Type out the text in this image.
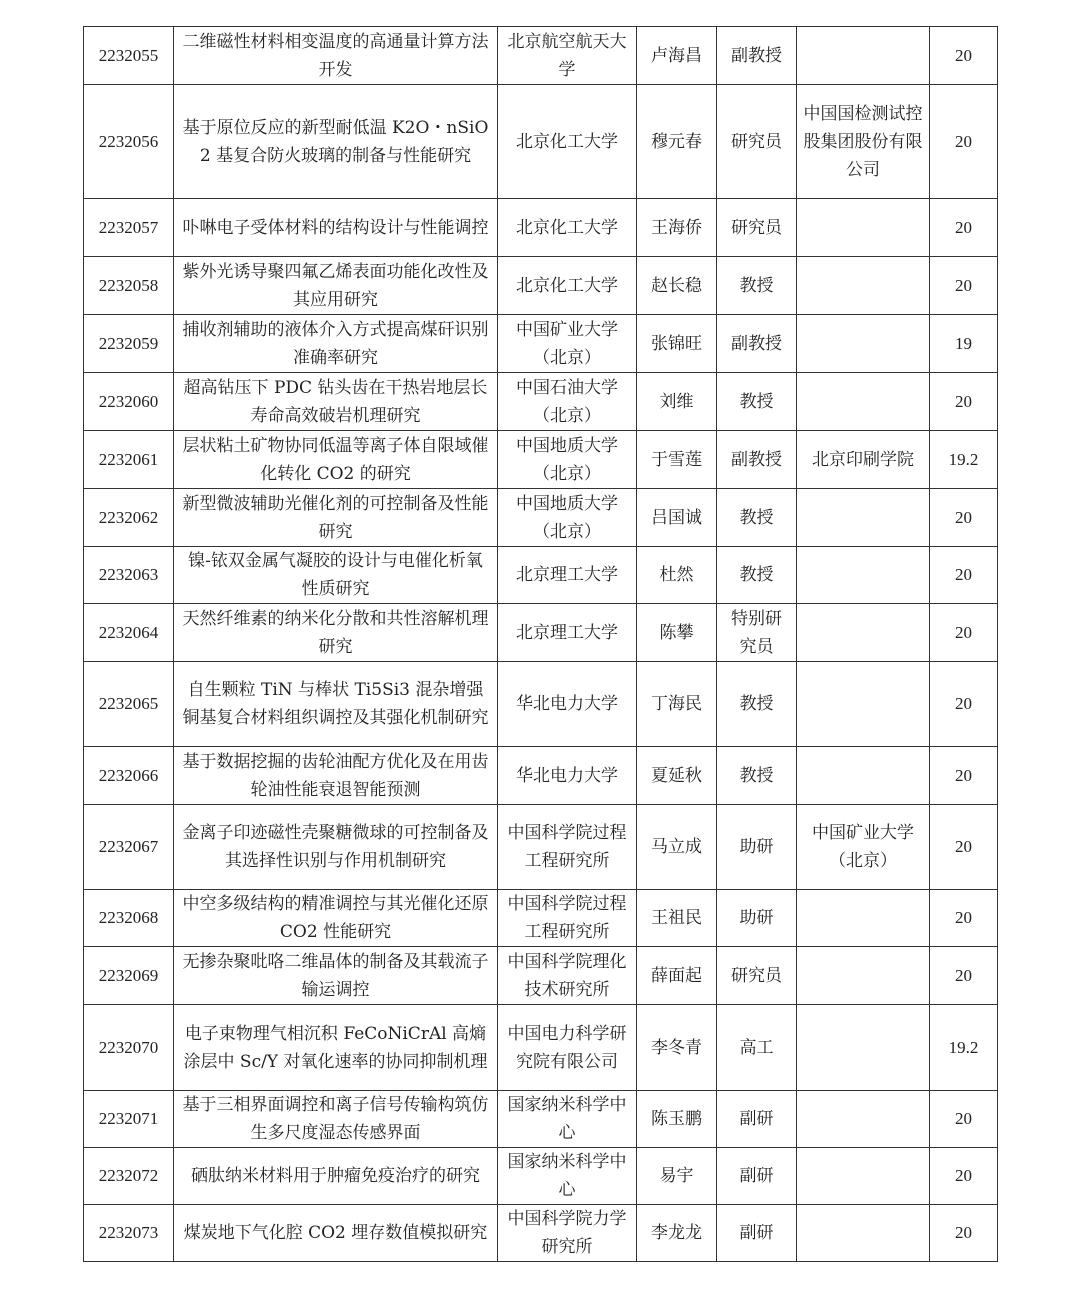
2232055	二维磁性材料相变温度的高通量计算方法开发	北京航空航天大学	卢海昌	副教授		20
2232056	基于原位反应的新型耐低温 K2O・nSiO2 基复合防火玻璃的制备与性能研究	北京化工大学	穆元春	研究员	中国国检测试控股集团股份有限公司	20
2232057	卟啉电子受体材料的结构设计与性能调控	北京化工大学	王海侨	研究员		20
2232058	紫外光诱导聚四氟乙烯表面功能化改性及其应用研究	北京化工大学	赵长稳	教授		20
2232059	捕收剂辅助的液体介入方式提高煤矸识别准确率研究	中国矿业大学（北京）	张锦旺	副教授		19
2232060	超高钻压下 PDC 钻头齿在干热岩地层长寿命高效破岩机理研究	中国石油大学（北京）	刘维	教授		20
2232061	层状粘土矿物协同低温等离子体自限域催化转化 CO2 的研究	中国地质大学（北京）	于雪莲	副教授	北京印刷学院	19.2
2232062	新型微波辅助光催化剂的可控制备及性能研究	中国地质大学（北京）	吕国诚	教授		20
2232063	镍-铱双金属气凝胶的设计与电催化析氧性质研究	北京理工大学	杜然	教授		20
2232064	天然纤维素的纳米化分散和共性溶解机理研究	北京理工大学	陈攀	特别研究员		20
2232065	自生颗粒 TiN 与棒状 Ti5Si3 混杂增强铜基复合材料组织调控及其强化机制研究	华北电力大学	丁海民	教授		20
2232066	基于数据挖掘的齿轮油配方优化及在用齿轮油性能衰退智能预测	华北电力大学	夏延秋	教授		20
2232067	金离子印迹磁性壳聚糖微球的可控制备及其选择性识别与作用机制研究	中国科学院过程工程研究所	马立成	助研	中国矿业大学（北京）	20
2232068	中空多级结构的精准调控与其光催化还原 CO2 性能研究	中国科学院过程工程研究所	王祖民	助研		20
2232069	无掺杂聚吡咯二维晶体的制备及其载流子输运调控	中国科学院理化技术研究所	薛面起	研究员		20
2232070	电子束物理气相沉积 FeCoNiCrAl 高熵涂层中 Sc/Y 对氧化速率的协同抑制机理	中国电力科学研究院有限公司	李冬青	高工		19.2
2232071	基于三相界面调控和离子信号传输构筑仿生多尺度湿态传感界面	国家纳米科学中心	陈玉鹏	副研		20
2232072	硒肽纳米材料用于肿瘤免疫治疗的研究	国家纳米科学中心	易宇	副研		20
2232073	煤炭地下气化腔 CO2 埋存数值模拟研究	中国科学院力学研究所	李龙龙	副研		20
